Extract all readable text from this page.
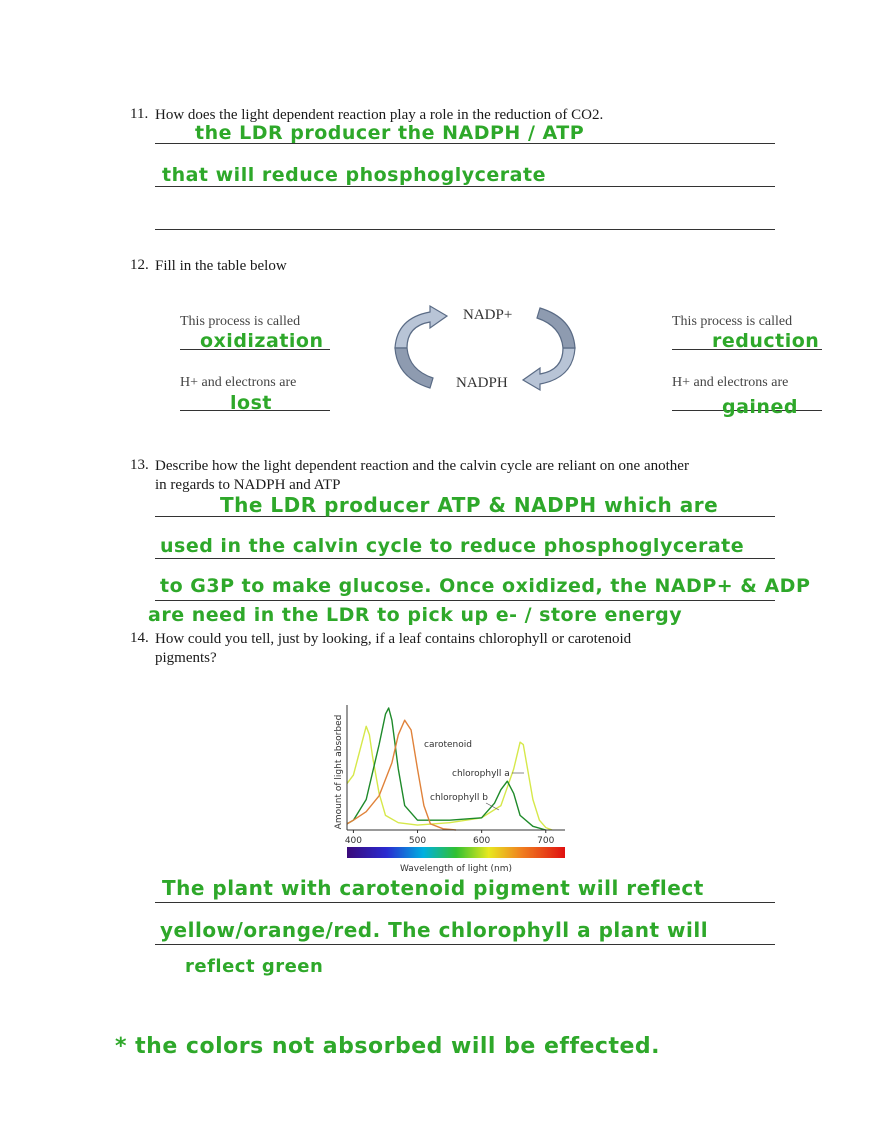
11. How does the light dependent reaction play a role in the reduction of CO2.
the LDR producer the NADPH / ATP
that will reduce phosphoglycerate
12. Fill in the table below
This process is called
oxidization
H+ and electrons are
lost
This process is called
reduction
H+ and electrons are
gained
NADP+
NADPH
13. Describe how the light dependent reaction and the calvin cycle are reliant on one another
in regards to NADPH and ATP
The LDR producer ATP & NADPH which are
used in the calvin cycle to reduce phosphoglycerate
to G3P to make glucose. Once oxidized, the NADP+ & ADP
are need in the LDR to pick up e- / store energy
14. How could you tell, just by looking, if a leaf contains chlorophyll or carotenoid
pigments?
Amount of light absorbed
400	500	600	700
Wavelength of light (nm)
carotenoid
chlorophyll a
chlorophyll b
The plant with carotenoid pigment will reflect
yellow/orange/red. The chlorophyll a plant will
reflect green
* the colors not absorbed will be effected.
